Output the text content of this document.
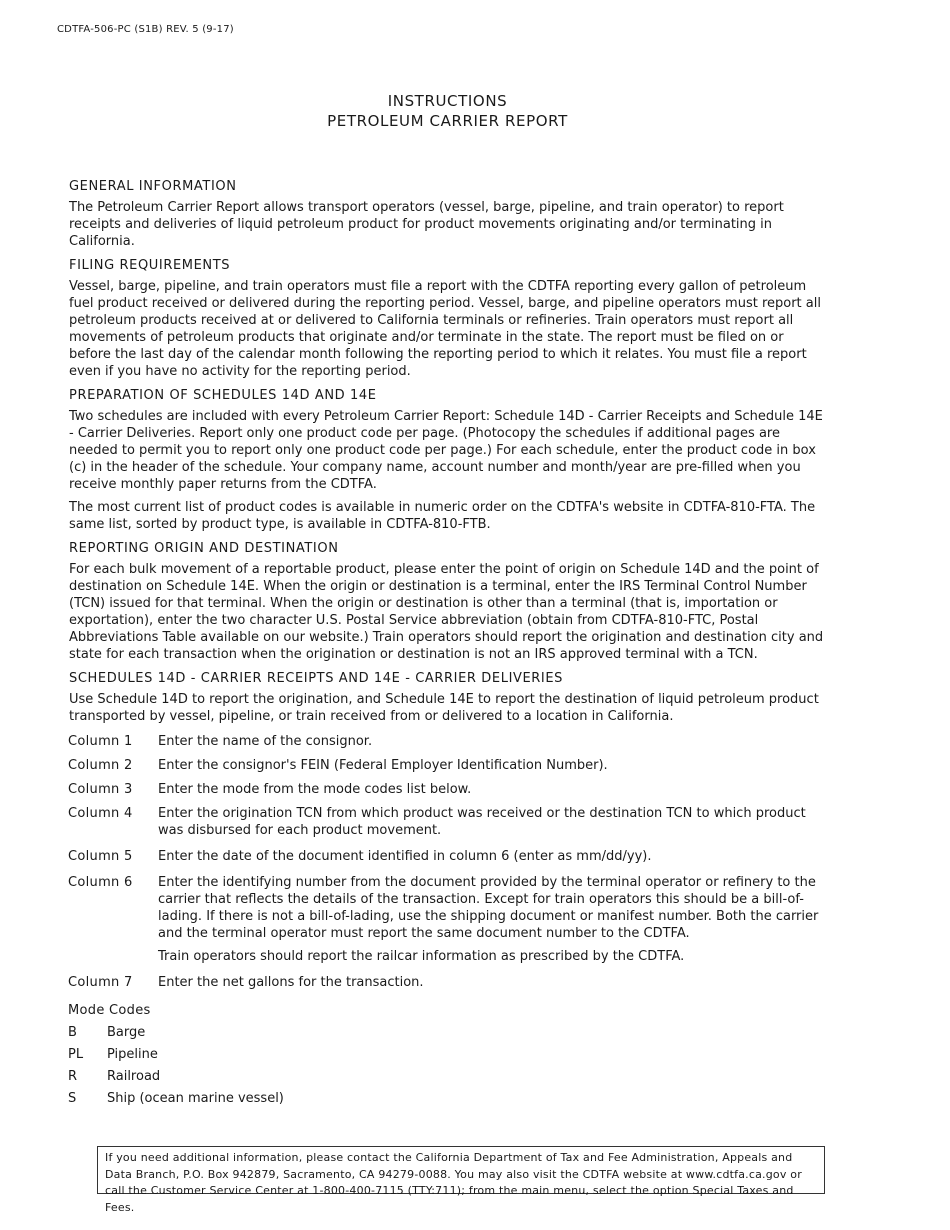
CDTFA-506-PC (S1B) REV. 5 (9-17)
INSTRUCTIONS
PETROLEUM CARRIER REPORT
GENERAL INFORMATION
The Petroleum Carrier Report allows transport operators (vessel, barge, pipeline, and train operator) to report receipts and deliveries of liquid petroleum product for product movements originating and/or terminating in California.
FILING REQUIREMENTS
Vessel, barge, pipeline, and train operators must file a report with the CDTFA reporting every gallon of petroleum fuel product received or delivered during the reporting period. Vessel, barge, and pipeline operators must report all petroleum products received at or delivered to California terminals or refineries. Train operators must report all movements of petroleum products that originate and/or terminate in the state. The report must be filed on or before the last day of the calendar month following the reporting period to which it relates. You must file a report even if you have no activity for the reporting period.
PREPARATION OF SCHEDULES 14D AND 14E
Two schedules are included with every Petroleum Carrier Report: Schedule 14D - Carrier Receipts and Schedule 14E - Carrier Deliveries. Report only one product code per page. (Photocopy the schedules if additional pages are needed to permit you to report only one product code per page.) For each schedule, enter the product code in box (c) in the header of the schedule. Your company name, account number and month/year are pre-filled when you receive monthly paper returns from the CDTFA.
The most current list of product codes is available in numeric order on the CDTFA's website in CDTFA-810-FTA. The same list, sorted by product type, is available in CDTFA-810-FTB.
REPORTING ORIGIN AND DESTINATION
For each bulk movement of a reportable product, please enter the point of origin on Schedule 14D and the point of destination on Schedule 14E. When the origin or destination is a terminal, enter the IRS Terminal Control Number (TCN) issued for that terminal. When the origin or destination is other than a terminal (that is, importation or exportation), enter the two character U.S. Postal Service abbreviation (obtain from CDTFA-810-FTC, Postal Abbreviations Table available on our website.) Train operators should report the origination and destination city and state for each transaction when the origination or destination is not an IRS approved terminal with a TCN.
SCHEDULES 14D - CARRIER RECEIPTS AND 14E - CARRIER DELIVERIES
Use Schedule 14D to report the origination, and Schedule 14E to report the destination of liquid petroleum product transported by vessel, pipeline, or train received from or delivered to a location in California.
Column 1	Enter the name of the consignor.
Column 2	Enter the consignor's FEIN (Federal Employer Identification Number).
Column 3	Enter the mode from the mode codes list below.
Column 4	Enter the origination TCN from which product was received or the destination TCN to which product was disbursed for each product movement.
Column 5	Enter the date of the document identified in column 6 (enter as mm/dd/yy).
Column 6	Enter the identifying number from the document provided by the terminal operator or refinery to the carrier that reflects the details of the transaction. Except for train operators this should be a bill-of-lading. If there is not a bill-of-lading, use the shipping document or manifest number. Both the carrier and the terminal operator must report the same document number to the CDTFA.
Train operators should report the railcar information as prescribed by the CDTFA.
Column 7	Enter the net gallons for the transaction.
Mode Codes
B	Barge
PL	Pipeline
R	Railroad
S	Ship (ocean marine vessel)
If you need additional information, please contact the California Department of Tax and Fee Administration, Appeals and Data Branch, P.O. Box 942879, Sacramento, CA 94279-0088. You may also visit the CDTFA website at www.cdtfa.ca.gov or call the Customer Service Center at 1-800-400-7115 (TTY:711); from the main menu, select the option Special Taxes and Fees.
